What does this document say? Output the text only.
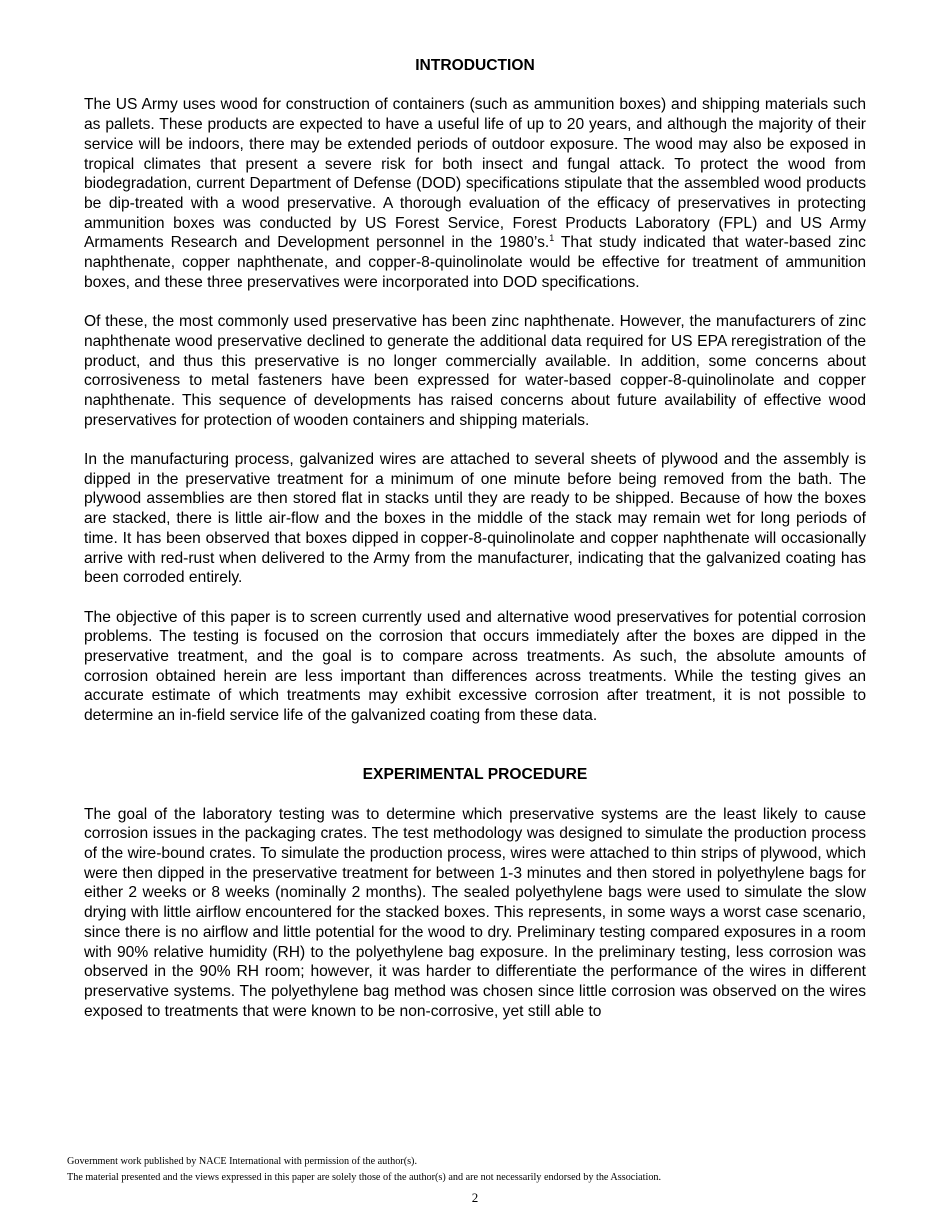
INTRODUCTION

The US Army uses wood for construction of containers (such as ammunition boxes) and shipping materials such as pallets. These products are expected to have a useful life of up to 20 years, and although the majority of their service will be indoors, there may be extended periods of outdoor exposure. The wood may also be exposed in tropical climates that present a severe risk for both insect and fungal attack. To protect the wood from biodegradation, current Department of Defense (DOD) specifications stipulate that the assembled wood products be dip-treated with a wood preservative. A thorough evaluation of the efficacy of preservatives in protecting ammunition boxes was conducted by US Forest Service, Forest Products Laboratory (FPL) and US Army Armaments Research and Development personnel in the 1980’s.$^1$ That study indicated that water-based zinc naphthenate, copper naphthenate, and copper-8-quinolinolate would be effective for treatment of ammunition boxes, and these three preservatives were incorporated into DOD specifications.

Of these, the most commonly used preservative has been zinc naphthenate. However, the manufacturers of zinc naphthenate wood preservative declined to generate the additional data required for US EPA reregistration of the product, and thus this preservative is no longer commercially available. In addition, some concerns about corrosiveness to metal fasteners have been expressed for water-based copper-8-quinolinolate and copper naphthenate. This sequence of developments has raised concerns about future availability of effective wood preservatives for protection of wooden containers and shipping materials.

In the manufacturing process, galvanized wires are attached to several sheets of plywood and the assembly is dipped in the preservative treatment for a minimum of one minute before being removed from the bath. The plywood assemblies are then stored flat in stacks until they are ready to be shipped. Because of how the boxes are stacked, there is little air-flow and the boxes in the middle of the stack may remain wet for long periods of time. It has been observed that boxes dipped in copper-8-quinolinolate and copper naphthenate will occasionally arrive with red-rust when delivered to the Army from the manufacturer, indicating that the galvanized coating has been corroded entirely.

The objective of this paper is to screen currently used and alternative wood preservatives for potential corrosion problems. The testing is focused on the corrosion that occurs immediately after the boxes are dipped in the preservative treatment, and the goal is to compare across treatments. As such, the absolute amounts of corrosion obtained herein are less important than differences across treatments. While the testing gives an accurate estimate of which treatments may exhibit excessive corrosion after treatment, it is not possible to determine an in-field service life of the galvanized coating from these data.

EXPERIMENTAL PROCEDURE

The goal of the laboratory testing was to determine which preservative systems are the least likely to cause corrosion issues in the packaging crates. The test methodology was designed to simulate the production process of the wire-bound crates. To simulate the production process, wires were attached to thin strips of plywood, which were then dipped in the preservative treatment for between 1-3 minutes and then stored in polyethylene bags for either 2 weeks or 8 weeks (nominally 2 months). The sealed polyethylene bags were used to simulate the slow drying with little airflow encountered for the stacked boxes. This represents, in some ways a worst case scenario, since there is no airflow and little potential for the wood to dry. Preliminary testing compared exposures in a room with 90% relative humidity (RH) to the polyethylene bag exposure. In the preliminary testing, less corrosion was observed in the 90% RH room; however, it was harder to differentiate the performance of the wires in different preservative systems. The polyethylene bag method was chosen since little corrosion was observed on the wires exposed to treatments that were known to be non-corrosive, yet still able to

Government work published by NACE International with permission of the author(s).

The material presented and the views expressed in this paper are solely those of the author(s) and are not necessarily endorsed by the Association.

2
